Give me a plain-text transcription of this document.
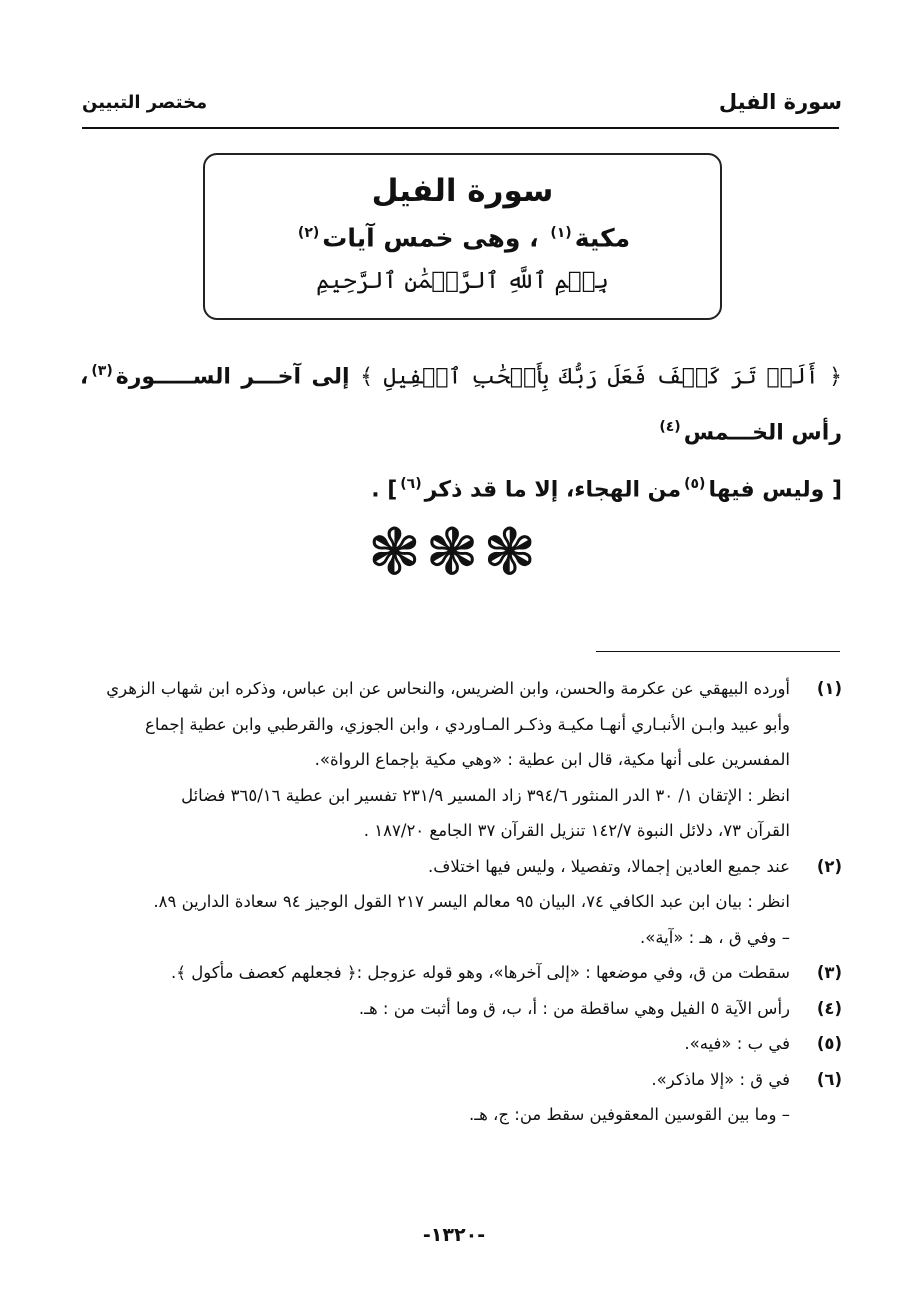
سورة الفيل
مختصر التبيين
سورة الفيل
مكية$^{(١)}$ ، وهى خمس آيات$^{(٢)}$
بِسۡمِ ٱللَّهِ ٱلرَّحۡمَٰنِ ٱلرَّحِيمِ

﴿ أَلَمۡ تَرَ كَيۡفَ فَعَلَ رَبُّكَ بِأَصۡحَٰبِ ٱلۡفِيلِ ﴾ إلى آخـــر الســـــورة$^{(٣)}$، رأس الخـــمس$^{(٤)}$

[ وليس فيها$^{(٥)}$من الهجاء، إلا ما قد ذكر$^{(٦)}$] .

❃❃❃
(١)
أورده البيهقي عن عكرمة والحسن، وابن الضريس، والنحاس عن ابن عباس، وذكره ابن شهاب الزهري
وأبو عبيد وابـن الأنبـاري أنهـا مكيـة وذكـر المـاوردي ، وابن الجوزي، والقرطبي وابن عطية إجماع
المفسرين على أنها مكية، قال ابن عطية : «وهي مكية بإجماع الرواة».
انظر : الإتقان ١/ ٣٠ الدر المنثور ٣٩٤/٦ زاد المسير ٢٣١/٩ تفسير ابن عطية ٣٦٥/١٦ فضائل
القرآن ٧٣، دلائل النبوة ١٤٢/٧ تنزيل القرآن ٣٧ الجامع ١٨٧/٢٠ .
(٢)
عند جميع العادين إجمالا، وتفصيلا ، وليس فيها اختلاف.
انظر : بيان ابن عبد الكافي ٧٤، البيان ٩٥ معالم اليسر ٢١٧ القول الوجيز ٩٤ سعادة الدارين ٨٩.
– وفي ق ، هـ : «آية».
(٣)
سقطت من ق، وفي موضعها : «إلى آخرها»، وهو قوله عزوجل :﴿ فجعلهم كعصف مأكول ﴾.
(٤)
رأس الآية ٥ الفيل وهي ساقطة من : أ، ب، ق وما أثبت من : هـ.
(٥)
في ب : «فيه».
(٦)
في ق : «إلا ماذكر».
– وما بين القوسين المعقوفين سقط من: ج، هـ.
-١٣٢٠-
